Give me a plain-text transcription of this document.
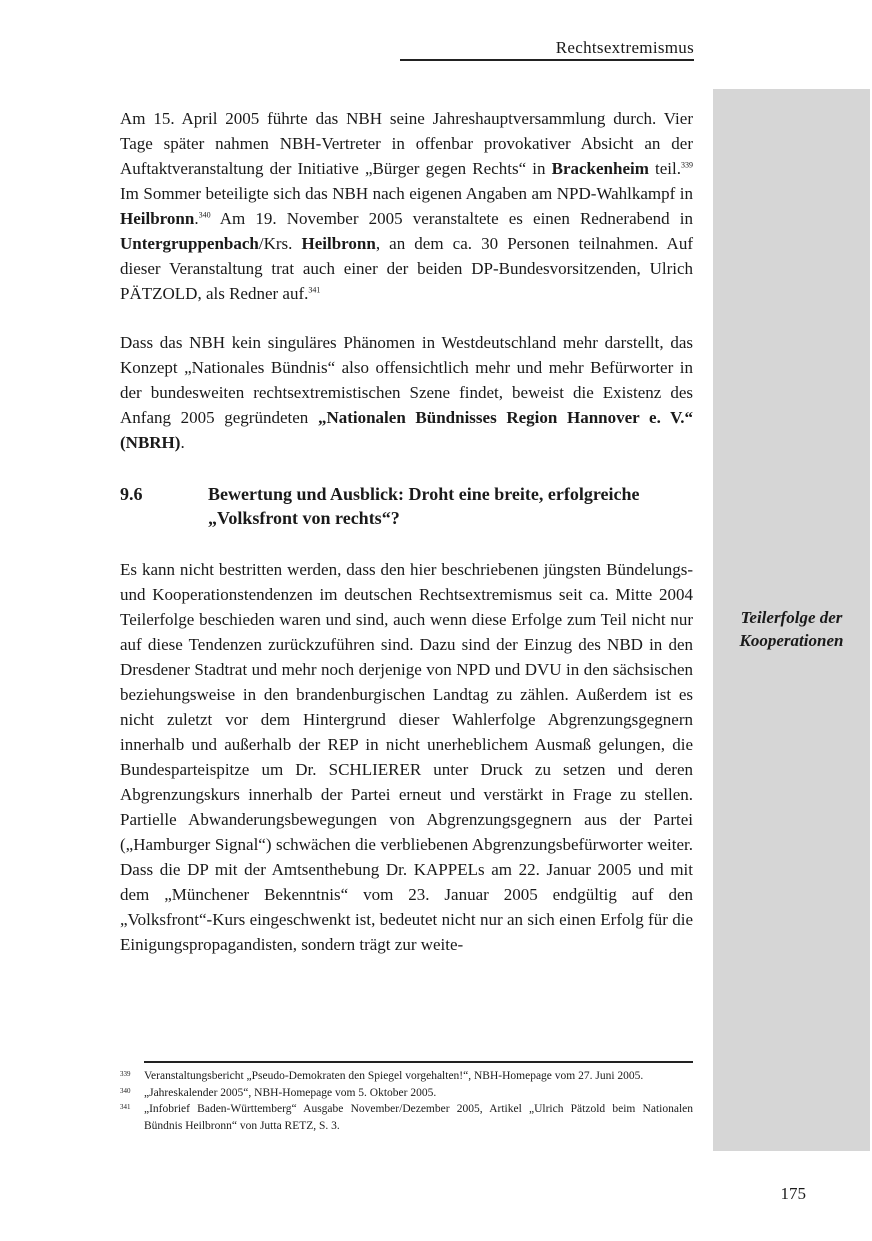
Rechtsextremismus
Teilerfolge der
Kooperationen
Am 15. April 2005 führte das NBH seine Jahreshauptversammlung durch. Vier Tage später nahmen NBH-Vertreter in offenbar provokativer Absicht an der Auftaktveranstaltung der Initiative „Bürger gegen Rechts“ in Brackenheim teil.$^{339}$ Im Sommer beteiligte sich das NBH nach eigenen Angaben am NPD-Wahlkampf in Heilbronn.$^{340}$ Am 19. November 2005 veranstaltete es einen Rednerabend in Untergruppenbach/Krs. Heilbronn, an dem ca. 30 Personen teilnahmen. Auf dieser Veranstaltung trat auch einer der beiden DP-Bundesvorsitzenden, Ulrich PÄTZOLD, als Redner auf.$^{341}$
Dass das NBH kein singuläres Phänomen in Westdeutschland mehr darstellt, das Konzept „Nationales Bündnis“ also offensichtlich mehr und mehr Befürworter in der bundesweiten rechtsextremistischen Szene findet, beweist die Existenz des Anfang 2005 gegründeten „Nationalen Bündnisses Region Hannover e. V.“ (NBRH).
9.6	Bewertung und Ausblick: Droht eine breite, erfolgreiche
„Volksfront von rechts“?
Es kann nicht bestritten werden, dass den hier beschriebenen jüngsten Bündelungs- und Kooperationstendenzen im deutschen Rechtsextremismus seit ca. Mitte 2004 Teilerfolge beschieden waren und sind, auch wenn diese Erfolge zum Teil nicht nur auf diese Tendenzen zurückzuführen sind. Dazu sind der Einzug des NBD in den Dresdener Stadtrat und mehr noch derjenige von NPD und DVU in den sächsischen beziehungsweise in den brandenburgischen Landtag zu zählen. Außerdem ist es nicht zuletzt vor dem Hintergrund dieser Wahlerfolge Abgrenzungsgegnern innerhalb und außerhalb der REP in nicht unerheblichem Ausmaß gelungen, die Bundesparteispitze um Dr. SCHLIERER unter Druck zu setzen und deren Abgrenzungskurs innerhalb der Partei erneut und verstärkt in Frage zu stellen. Partielle Abwanderungsbewegungen von Abgrenzungsgegnern aus der Partei („Hamburger Signal“) schwächen die verbliebenen Abgrenzungsbefürworter weiter. Dass die DP mit der Amtsenthebung Dr. KAPPELs am 22. Januar 2005 und mit dem „Münchener Bekenntnis“ vom 23. Januar 2005 endgültig auf den „Volksfront“-Kurs eingeschwenkt ist, bedeutet nicht nur an sich einen Erfolg für die Einigungspropagandisten, sondern trägt zur weite-
339 Veranstaltungsbericht „Pseudo-Demokraten den Spiegel vorgehalten!“, NBH-Homepage vom 27. Juni 2005.
340 „Jahreskalender 2005“, NBH-Homepage vom 5. Oktober 2005.
341 „Infobrief Baden-Württemberg“ Ausgabe November/Dezember 2005, Artikel „Ulrich Pätzold beim Nationalen Bündnis Heilbronn“ von Jutta RETZ, S. 3.
175
